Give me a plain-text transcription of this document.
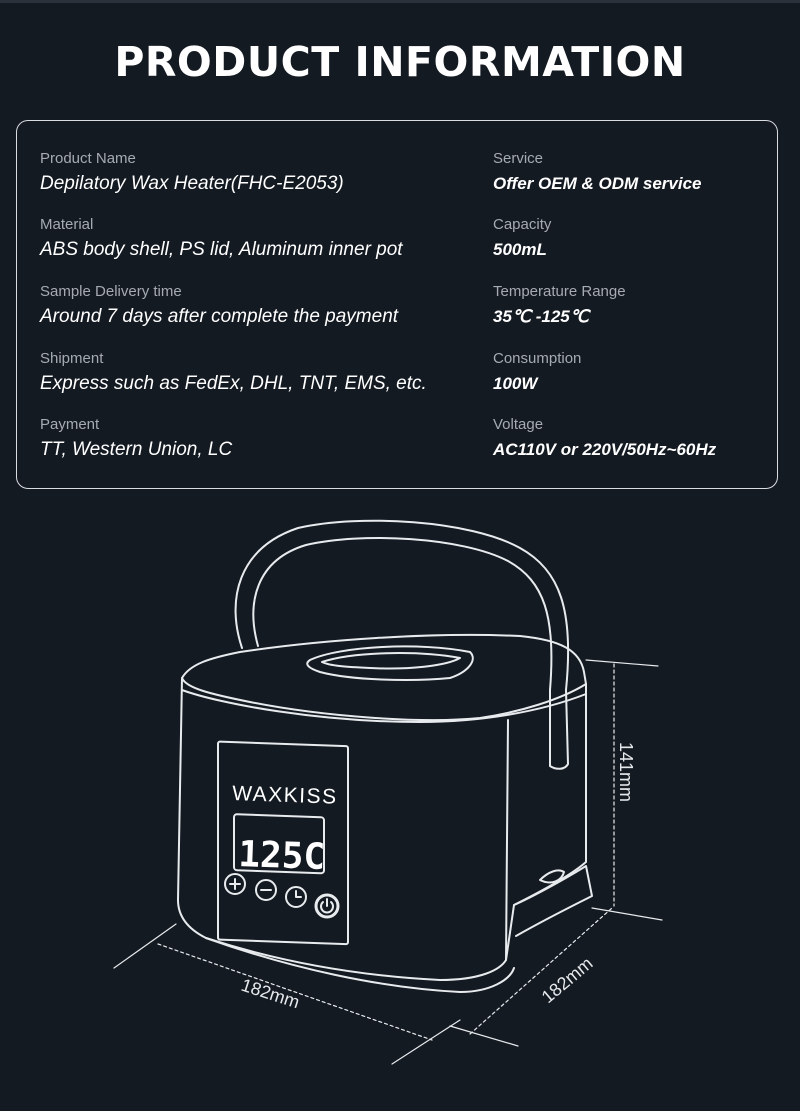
PRODUCT INFORMATION
Product Name
Depilatory Wax Heater(FHC-E2053)
Material
ABS body shell, PS lid, Aluminum inner pot
Sample Delivery time
Around 7 days after complete the payment
Shipment
Express such as FedEx, DHL, TNT, EMS, etc.
Payment
TT, Western Union, LC
Service
Offer OEM & ODM service
Capacity
500mL
Temperature Range
35℃ -125℃
Consumption
100W
Voltage
AC110V or 220V/50Hz~60Hz
WAXKISS
125C
141mm
182mm	182mm
